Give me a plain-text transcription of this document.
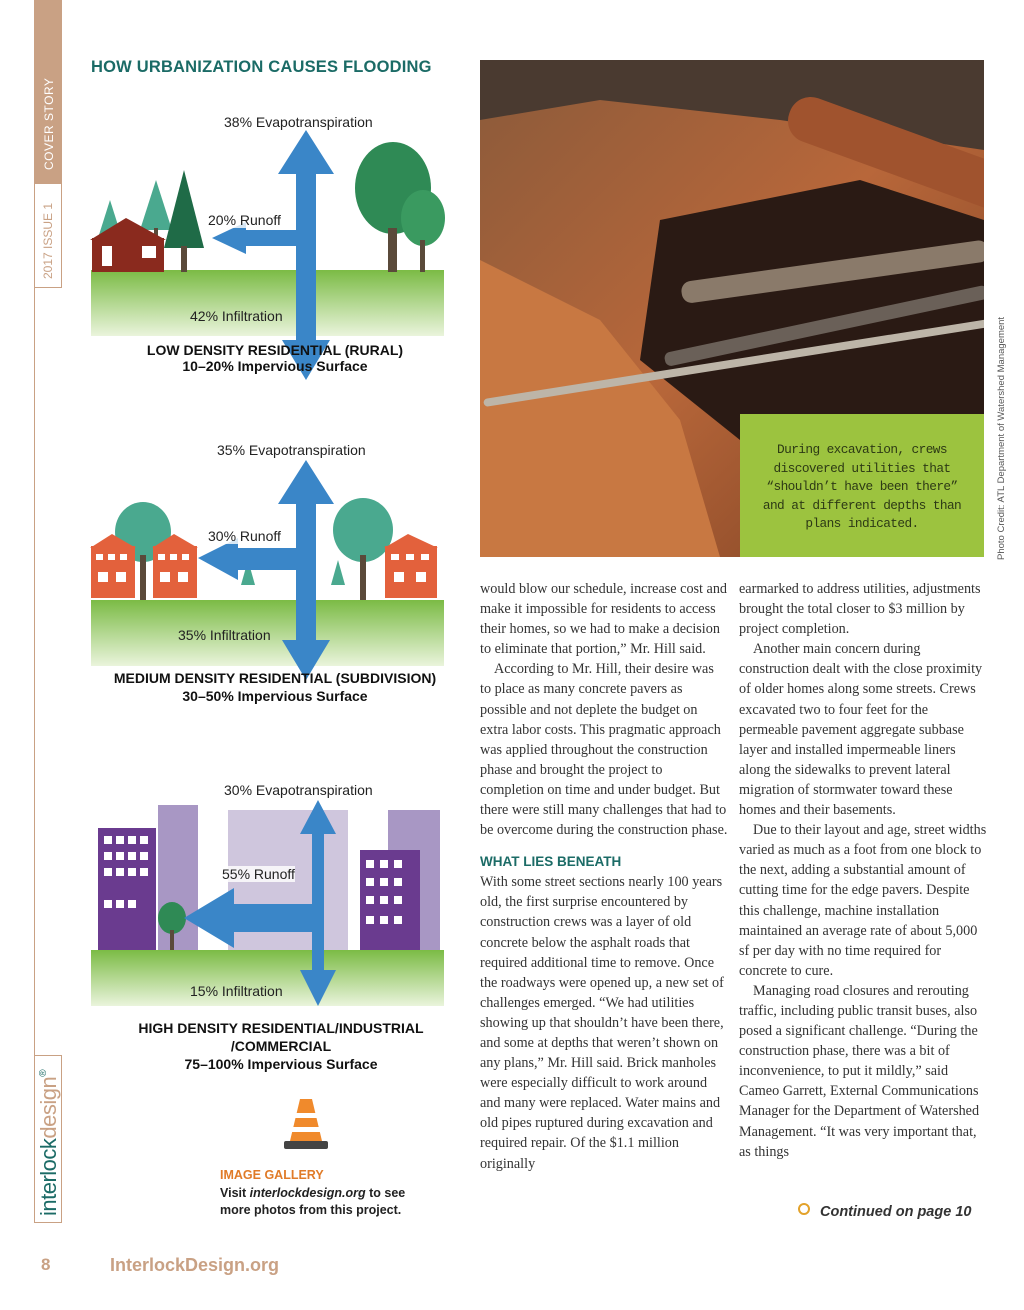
COVER STORY
2017 ISSUE 1
interlockdesign®
HOW URBANIZATION CAUSES FLOODING
38% Evapotranspiration
20% Runoff
42% Infiltration
LOW DENSITY RESIDENTIAL (RURAL)
10–20% Impervious Surface
35% Evapotranspiration
30% Runoff
35% Infiltration
MEDIUM DENSITY RESIDENTIAL (SUBDIVISION)
30–50% Impervious Surface
30% Evapotranspiration
55% Runoff
15% Infiltration
HIGH DENSITY RESIDENTIAL/INDUSTRIAL
/COMMERCIAL
75–100% Impervious Surface
IMAGE GALLERY
Visit interlockdesign.org to see
more photos from this project.
During excavation, crews discovered utilities that “shouldn’t have been there” and at different depths than plans indicated.	Photo Credit: ATL Department of Watershed Management

would blow our schedule, increase cost and make it impossible for residents to access their homes, so we had to make a decision to eliminate that portion,” Mr. Hill said.

According to Mr. Hill, their desire was to place as many concrete pavers as possible and not deplete the budget on extra labor costs. This pragmatic approach was applied throughout the construction phase and brought the project to completion on time and under budget. But there were still many challenges that had to be overcome during the construction phase.

WHAT LIES BENEATH

With some street sections nearly 100 years old, the first surprise encountered by construction crews was a layer of old concrete below the asphalt roads that required additional time to remove. Once the roadways were opened up, a new set of challenges emerged. “We had utilities showing up that shouldn’t have been there, and some at depths that weren’t shown on any plans,” Mr. Hill said. Brick manholes were especially difficult to work around and many were replaced. Water mains and old pipes ruptured during excavation and required repair. Of the $1.1 million originally

earmarked to address utilities, adjustments brought the total closer to $3 million by project completion.

Another main concern during construction dealt with the close proximity of older homes along some streets. Crews excavated two to four feet for the permeable pavement aggregate subbase layer and installed impermeable liners along the sidewalks to prevent lateral migration of stormwater toward these homes and their basements.

Due to their layout and age, street widths varied as much as a foot from one block to the next, adding a substantial amount of cutting time for the edge pavers. Despite this challenge, machine installation maintained an average rate of about 5,000 sf per day with no time required for concrete to cure.

Managing road closures and rerouting traffic, including public transit buses, also posed a significant challenge. “During the construction phase, there was a bit of inconvenience, to put it mildly,” said Cameo Garrett, External Communications Manager for the Department of Watershed Management. “It was very important that, as things

Continued on page 10
8	InterlockDesign.org
